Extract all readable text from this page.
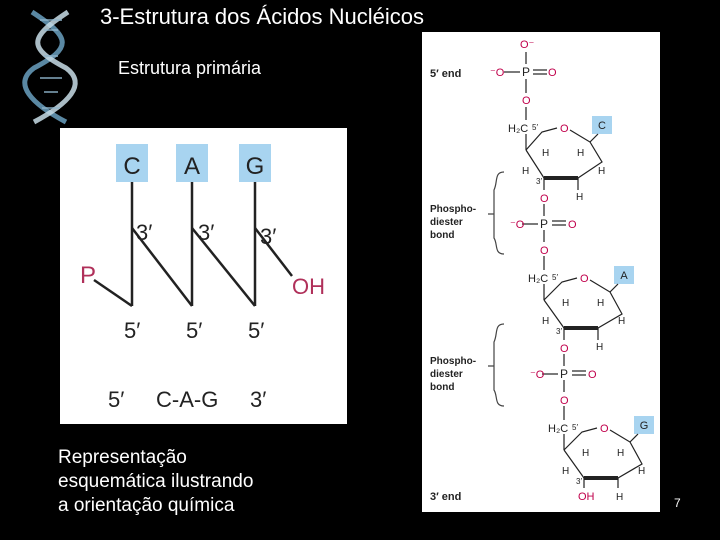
3-Estrutura dos Ácidos Nucléicos
Estrutura primária
C A G
3′ 3′ 3′
5′ 5′ 5′
P	OH
5′ C-A-G 3′
5′ end
O⁻
⁻O P O
O
H₂C 5′ O	C
H	H
H	H
3′
H
Phospho-
diester
bond
O
⁻O P O
O
H₂C 5′ O	A
H	H
H	H
3′
H
Phospho-
diester
bond
O
⁻O P O
O
H₂C 5′ O	G
H	H
H	H
3′
OH H
3′ end
Representação
esquemática ilustrando
a orientação química	7
